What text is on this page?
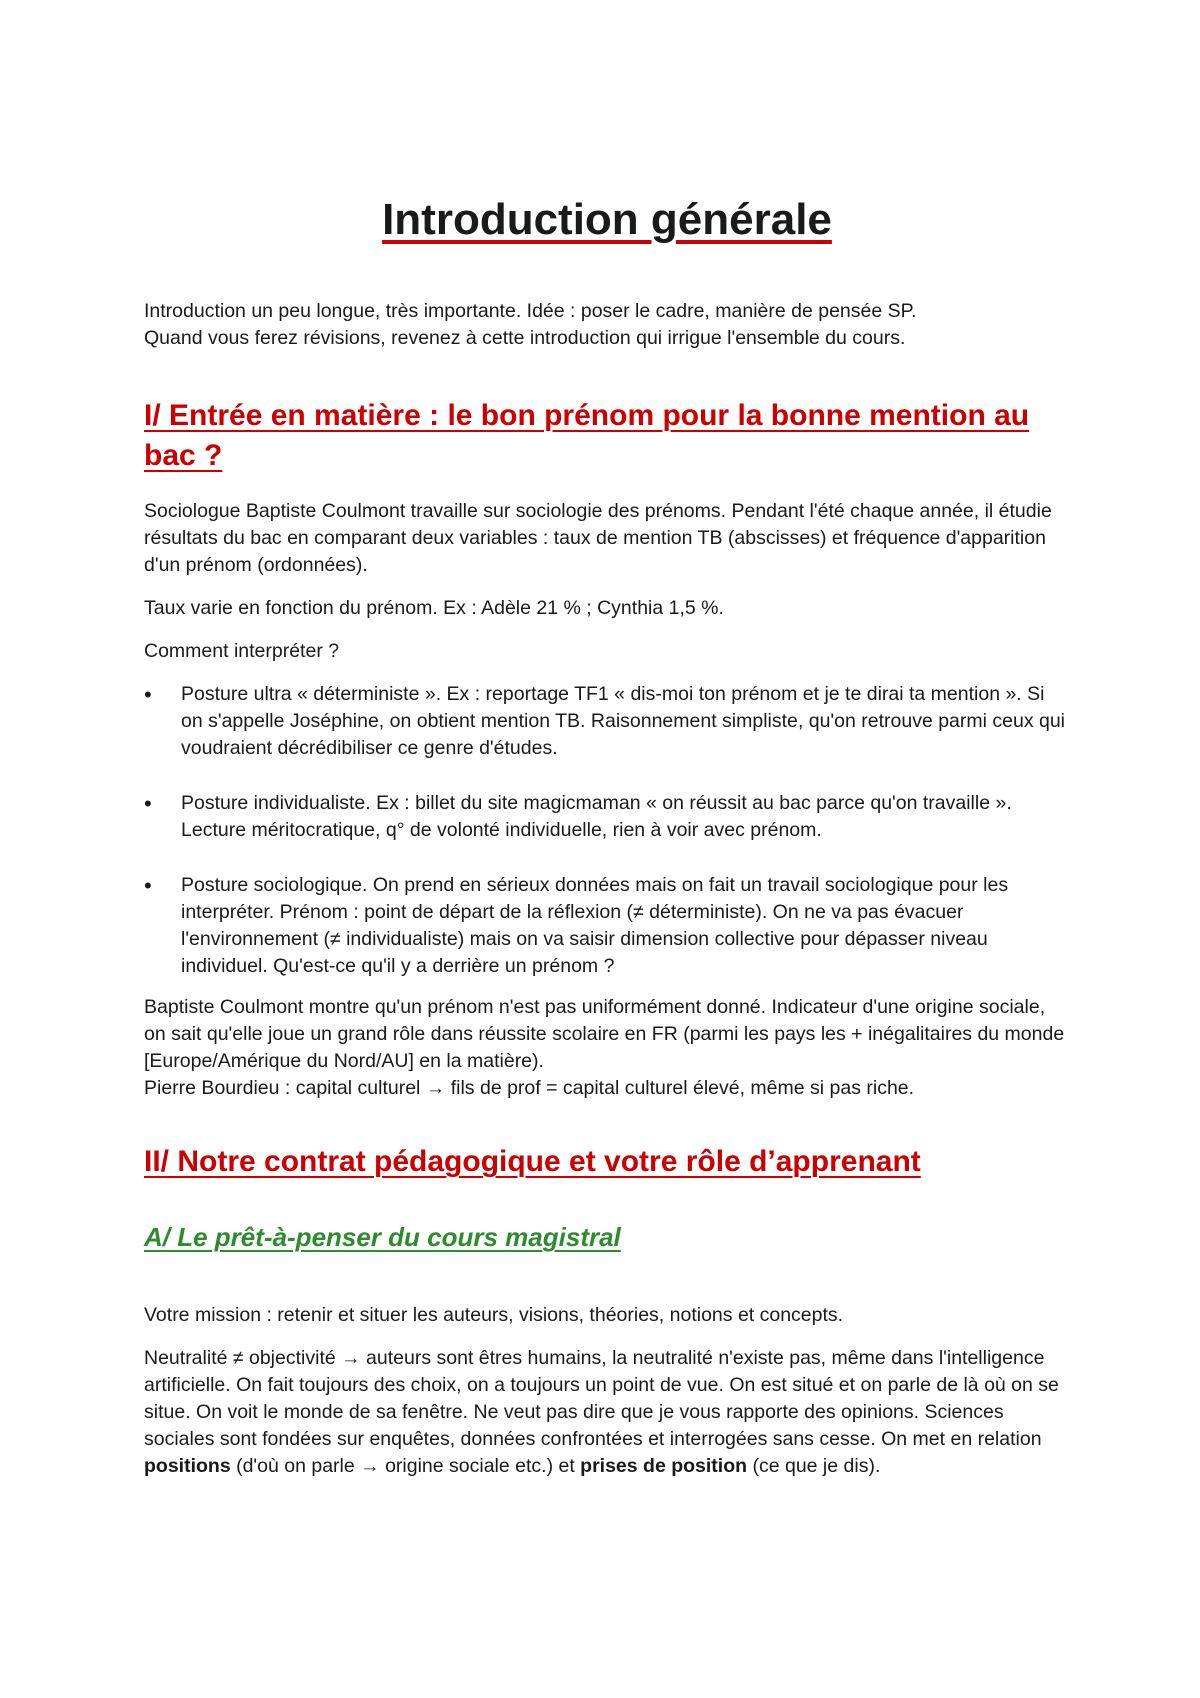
Introduction générale

Introduction un peu longue, très importante. Idée : poser le cadre, manière de pensée SP.
Quand vous ferez révisions, revenez à cette introduction qui irrigue l'ensemble du cours.

I/ Entrée en matière : le bon prénom pour la bonne mention au bac ?

Sociologue Baptiste Coulmont travaille sur sociologie des prénoms. Pendant l'été chaque année, il étudie résultats du bac en comparant deux variables : taux de mention TB (abscisses) et fréquence d'apparition d'un prénom (ordonnées).

Taux varie en fonction du prénom. Ex : Adèle 21 % ; Cynthia 1,5 %.

Comment interpréter ?

• Posture ultra « déterministe ». Ex : reportage TF1 « dis-moi ton prénom et je te dirai ta mention ». Si on s'appelle Joséphine, on obtient mention TB. Raisonnement simpliste, qu'on retrouve parmi ceux qui voudraient décrédibiliser ce genre d'études.
• Posture individualiste. Ex : billet du site magicmaman « on réussit au bac parce qu'on travaille ». Lecture méritocratique, q° de volonté individuelle, rien à voir avec prénom.
• Posture sociologique. On prend en sérieux données mais on fait un travail sociologique pour les interpréter. Prénom : point de départ de la réflexion (≠ déterministe). On ne va pas évacuer l'environnement (≠ individualiste) mais on va saisir dimension collective pour dépasser niveau individuel. Qu'est-ce qu'il y a derrière un prénom ?

Baptiste Coulmont montre qu'un prénom n'est pas uniformément donné. Indicateur d'une origine sociale, on sait qu'elle joue un grand rôle dans réussite scolaire en FR (parmi les pays les + inégalitaires du monde [Europe/Amérique du Nord/AU] en la matière).
Pierre Bourdieu : capital culturel → fils de prof = capital culturel élevé, même si pas riche.

II/ Notre contrat pédagogique et votre rôle d’apprenant
A/ Le prêt-à-penser du cours magistral

Votre mission : retenir et situer les auteurs, visions, théories, notions et concepts.

Neutralité ≠ objectivité → auteurs sont êtres humains, la neutralité n'existe pas, même dans l'intelligence artificielle. On fait toujours des choix, on a toujours un point de vue. On est situé et on parle de là où on se situe. On voit le monde de sa fenêtre. Ne veut pas dire que je vous rapporte des opinions. Sciences sociales sont fondées sur enquêtes, données confrontées et interrogées sans cesse. On met en relation positions (d'où on parle → origine sociale etc.) et prises de position (ce que je dis).
